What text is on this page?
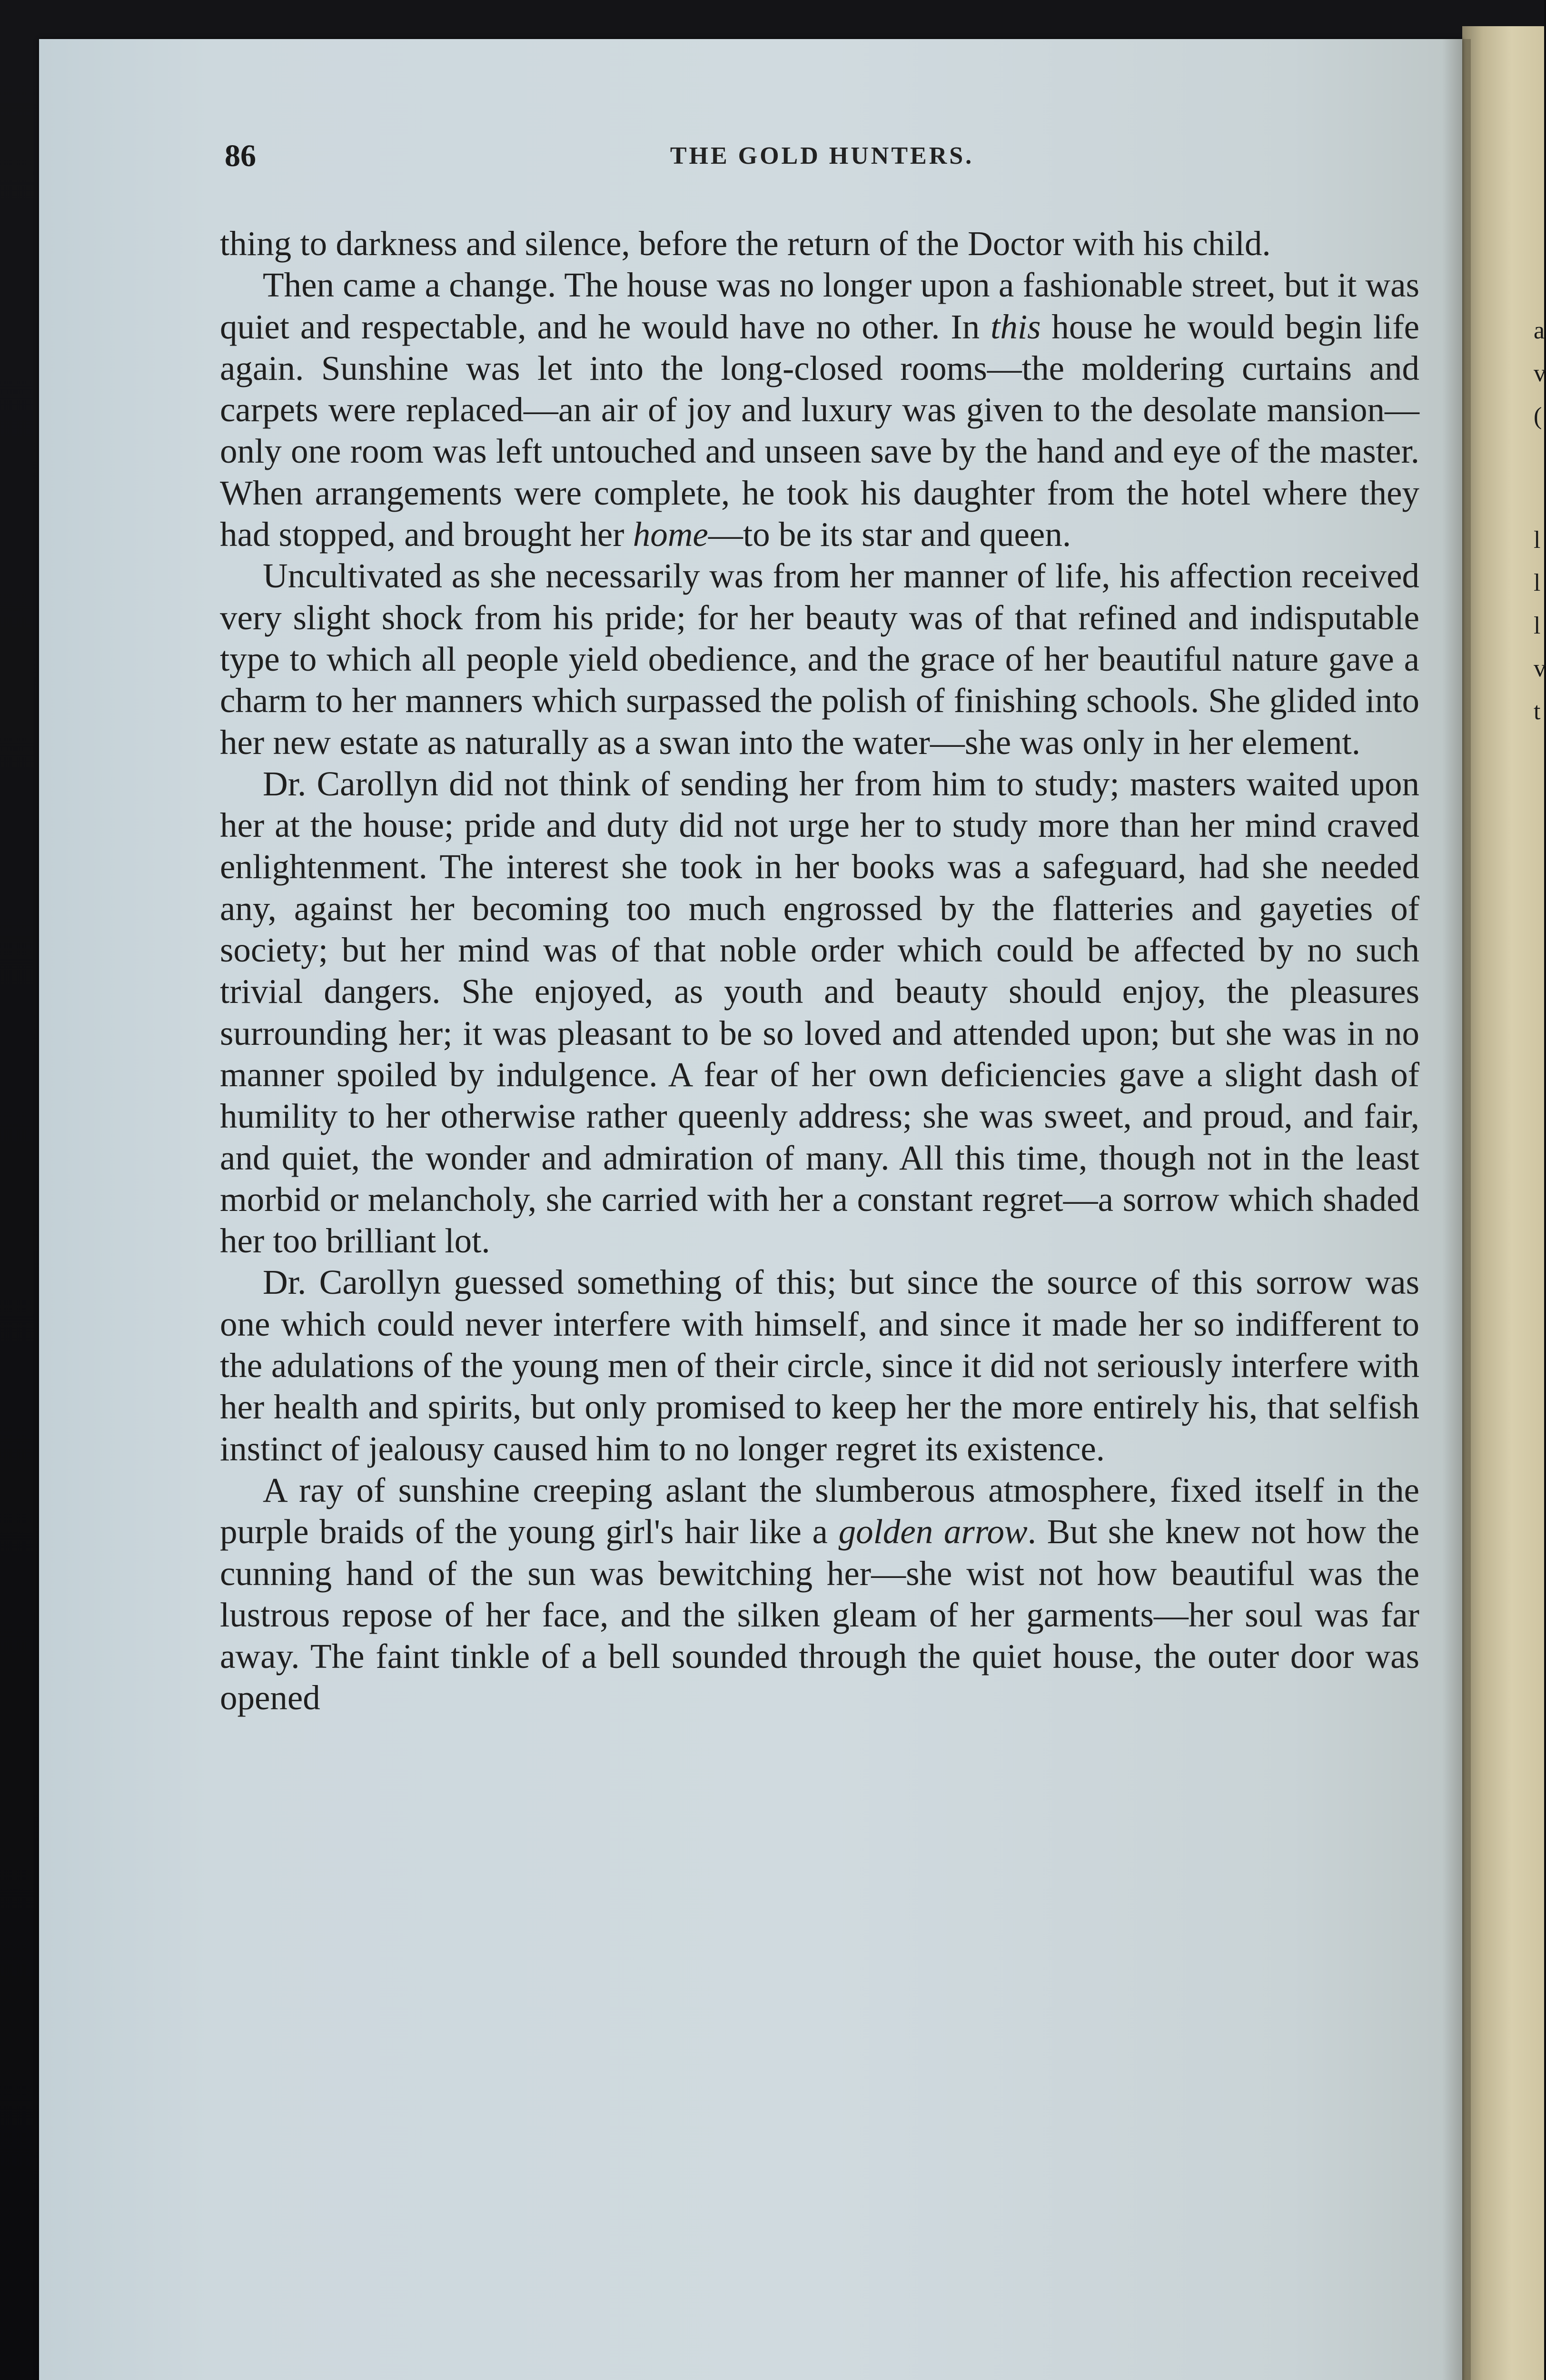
a
v
(
l
l
l
v
t
86	THE GOLD HUNTERS.

thing to darkness and silence, before the return of the Doctor with his child.

Then came a change. The house was no longer upon a fashionable street, but it was quiet and respectable, and he would have no other. In this house he would begin life again. Sunshine was let into the long-closed rooms—the moldering curtains and carpets were replaced—an air of joy and luxury was given to the desolate mansion—only one room was left untouched and unseen save by the hand and eye of the master. When arrangements were complete, he took his daughter from the hotel where they had stopped, and brought her home—to be its star and queen.

Uncultivated as she necessarily was from her manner of life, his affection received very slight shock from his pride; for her beauty was of that refined and indisputable type to which all people yield obedience, and the grace of her beautiful nature gave a charm to her manners which surpassed the polish of finishing schools. She glided into her new estate as naturally as a swan into the water—she was only in her element.

Dr. Carollyn did not think of sending her from him to study; masters waited upon her at the house; pride and duty did not urge her to study more than her mind craved enlightenment. The interest she took in her books was a safeguard, had she needed any, against her becoming too much engrossed by the flatteries and gayeties of society; but her mind was of that noble order which could be affected by no such trivial dangers. She enjoyed, as youth and beauty should enjoy, the pleasures surrounding her; it was pleasant to be so loved and attended upon; but she was in no manner spoiled by indulgence. A fear of her own deficiencies gave a slight dash of humility to her otherwise rather queenly address; she was sweet, and proud, and fair, and quiet, the wonder and admiration of many. All this time, though not in the least morbid or melancholy, she carried with her a constant regret—a sorrow which shaded her too brilliant lot.

Dr. Carollyn guessed something of this; but since the source of this sorrow was one which could never interfere with himself, and since it made her so indifferent to the adulations of the young men of their circle, since it did not seriously interfere with her health and spirits, but only promised to keep her the more entirely his, that selfish instinct of jealousy caused him to no longer regret its existence.

A ray of sunshine creeping aslant the slumberous atmosphere, fixed itself in the purple braids of the young girl's hair like a golden arrow. But she knew not how the cunning hand of the sun was bewitching her—she wist not how beautiful was the lustrous repose of her face, and the silken gleam of her garments—her soul was far away. The faint tinkle of a bell sounded through the quiet house, the outer door was opened
